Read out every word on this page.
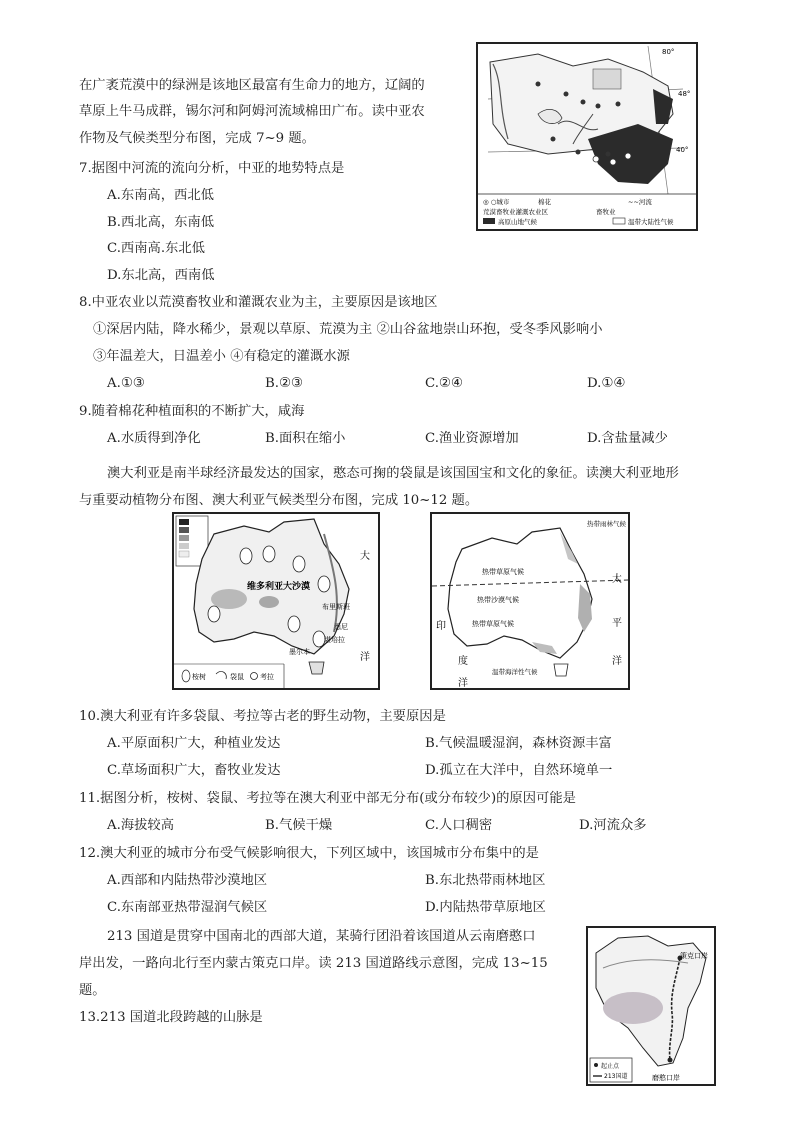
在广袤荒漠中的绿洲是该地区最富有生命力的地方，辽阔的
草原上牛马成群，锡尔河和阿姆河流域棉田广布。读中亚农
作物及气候类型分布图，完成 7~9 题。
7.据图中河流的流向分析，中亚的地势特点是
A.东南高，西北低
B.西北高，东南低
C.西南高.东北低
D.东北高，西南低
8.中亚农业以荒漠畜牧业和灌溉农业为主，主要原因是该地区
①深居内陆，降水稀少，景观以草原、荒漠为主 ②山谷盆地崇山环抱，受冬季风影响小
③年温差大，日温差小 ④有稳定的灌溉水源
A.①③	B.②③	C.②④	D.①④
9.随着棉花种植面积的不断扩大，咸海
A.水质得到净化	B.面积在缩小	C.渔业资源增加	D.含盐量减少
80°
48°
40°
◎ ○城市	棉花	~~河流
荒漠畜牧业灌溉农业区	畜牧业
高原山地气候	温带大陆性气候
澳大利亚是南半球经济最发达的国家，憨态可掬的袋鼠是该国国宝和文化的象征。读澳大利亚地形
与重要动植物分布图、澳大利亚气候类型分布图，完成 10~12 题。
维多利亚大沙漠
布里斯班
堪培拉
悉尼
墨尔本
大
洋
桉树	袋鼠 考拉
热带雨林气候
热带草原气候
热带沙漠气候
热带草原气候
温带海洋性气候
太
平
洋
印
度
洋
10.澳大利亚有许多袋鼠、考拉等古老的野生动物，主要原因是
A.平原面积广大，种植业发达	B.气候温暖湿润，森林资源丰富
C.草场面积广大，畜牧业发达	D.孤立在大洋中，自然环境单一
11.据图分析，桉树、袋鼠、考拉等在澳大利亚中部无分布(或分布较少)的原因可能是
A.海拔较高	B.气候干燥	C.人口稠密	D.河流众多
12.澳大利亚的城市分布受气候影响很大，下列区域中，该国城市分布集中的是
A.西部和内陆热带沙漠地区	B.东北热带雨林地区
C.东南部亚热带湿润气候区	D.内陆热带草原地区
213 国道是贯穿中国南北的西部大道，某骑行团沿着该国道从云南磨憨口
岸出发，一路向北行至内蒙古策克口岸。读 213 国道路线示意图，完成 13~15
题。
13.213 国道北段跨越的山脉是
策克口岸
磨憨口岸
起止点
213国道
